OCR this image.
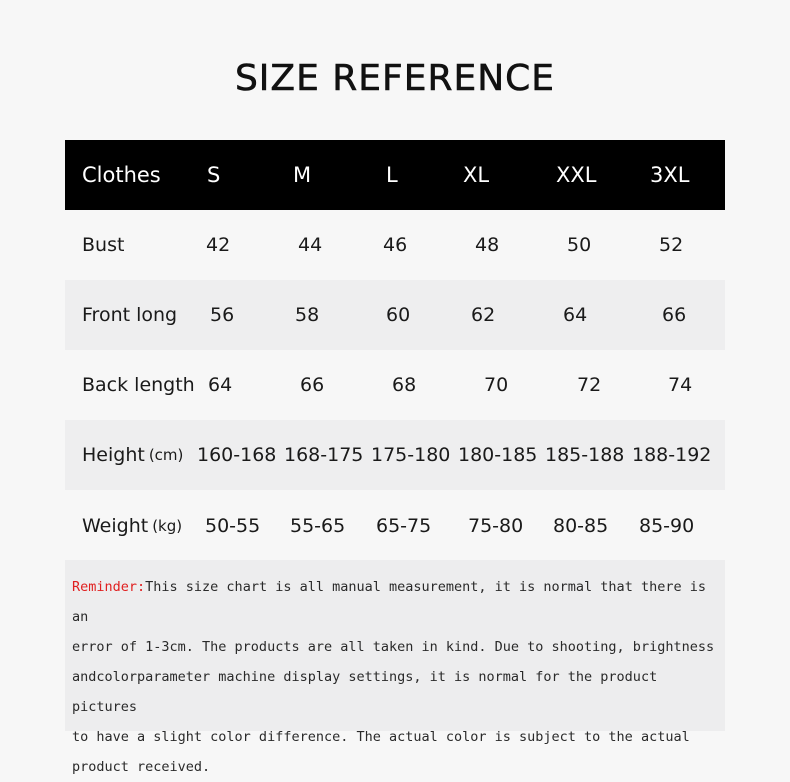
SIZE REFERENCE
Clothes S	M	L	XL	XXL	3XL
Bust	42	44	46	48	50	52
Front long 56	58	60	62	64	66
Back length 64	66	68	70	72	74
Height (cm) 160-168 168-175 175-180 180-185 185-188 188-192
Weight (kg) 50-55 55-65 65-75 75-80 80-85 85-90
Reminder:This size chart is all manual measurement, it is normal that there is an
error of 1-3cm. The products are all taken in kind. Due to shooting, brightness
andcolorparameter machine display settings, it is normal for the product pictures
to have a slight color difference. The actual color is subject to the actual
product received.
